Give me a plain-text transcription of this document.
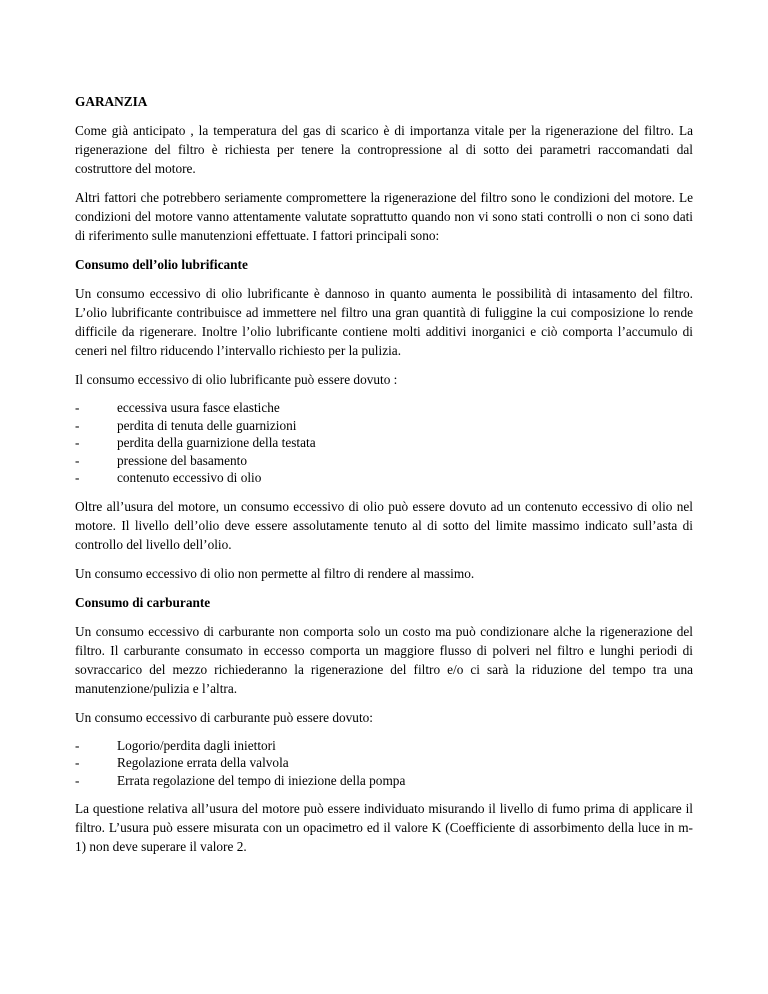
GARANZIA

Come già anticipato , la temperatura del gas di scarico è di importanza vitale per la rigenerazione del filtro. La rigenerazione del filtro è richiesta per tenere la contropressione al di sotto dei parametri raccomandati dal costruttore del motore.

Altri fattori che potrebbero seriamente compromettere la rigenerazione del filtro sono le condizioni del motore. Le condizioni del motore vanno attentamente valutate soprattutto quando non vi sono stati controlli o non ci sono dati di riferimento sulle manutenzioni effettuate. I fattori principali sono:

Consumo dell’olio lubrificante

Un consumo eccessivo di olio lubrificante è dannoso in quanto aumenta le possibilità di intasamento del filtro. L’olio lubrificante contribuisce ad immettere nel filtro una gran quantità di fuliggine la cui composizione lo rende difficile da rigenerare. Inoltre l’olio lubrificante contiene molti additivi inorganici e ciò comporta l’accumulo di ceneri nel filtro riducendo l’intervallo richiesto per la pulizia.

Il consumo eccessivo di olio lubrificante può essere dovuto :

-	eccessiva usura fasce elastiche
-	perdita di tenuta delle guarnizioni
-	perdita della guarnizione della testata
-	pressione del basamento
-	contenuto eccessivo di olio

Oltre all’usura del motore, un consumo eccessivo di olio può essere dovuto ad un contenuto eccessivo di olio nel motore. Il livello dell’olio deve essere assolutamente tenuto al di sotto del limite massimo indicato sull’asta di controllo del livello dell’olio.

Un consumo eccessivo di olio non permette al filtro di rendere al massimo.

Consumo di carburante

Un consumo eccessivo di carburante non comporta solo un costo ma può condizionare alche la rigenerazione del filtro. Il carburante consumato in eccesso comporta un maggiore flusso di polveri nel filtro e lunghi periodi di sovraccarico del mezzo richiederanno la rigenerazione del filtro e/o ci sarà la riduzione del tempo tra una manutenzione/pulizia e l’altra.

Un consumo eccessivo di carburante può essere dovuto:

-	Logorio/perdita dagli iniettori
-	Regolazione errata della valvola
-	Errata regolazione del tempo di iniezione della pompa

La questione relativa all’usura del motore può essere individuato misurando il livello di fumo prima di applicare il filtro. L’usura può essere misurata con un opacimetro ed il valore K (Coefficiente di assorbimento della luce in m-1) non deve superare il valore 2.
